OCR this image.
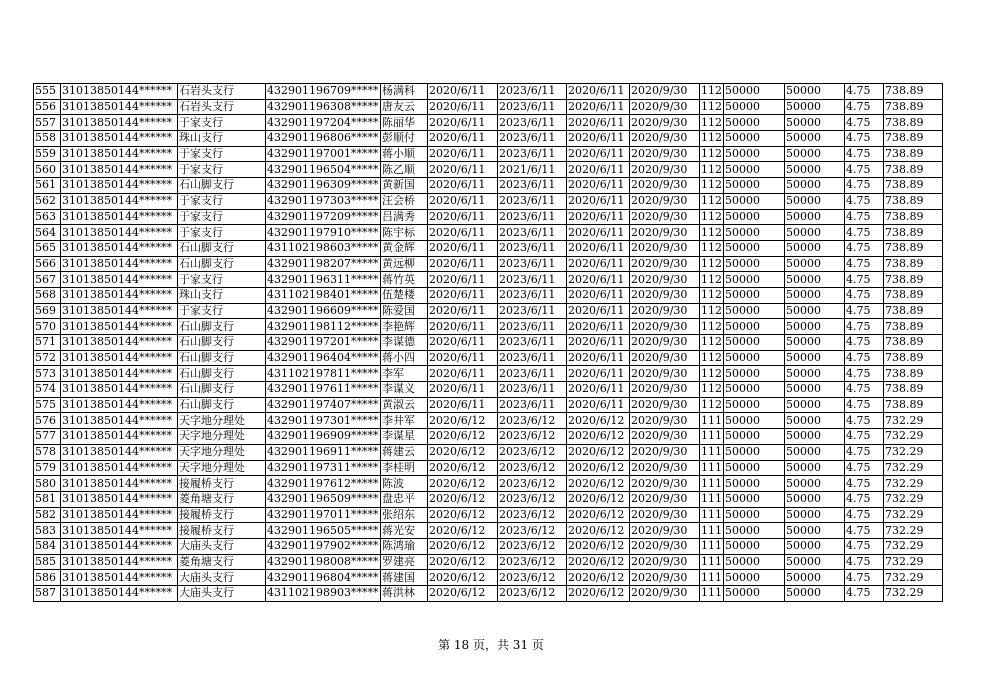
555	31013850144******	石岩头支行	432901196709*****	杨满科	2020/6/11	2023/6/11	2020/6/11	2020/9/30	112	50000	50000	4.75	738.89
556	31013850144******	石岩头支行	432901196308*****	唐友云	2020/6/11	2023/6/11	2020/6/11	2020/9/30	112	50000	50000	4.75	738.89
557	31013850144******	于家支行	432901197204*****	陈丽华	2020/6/11	2023/6/11	2020/6/11	2020/9/30	112	50000	50000	4.75	738.89
558	31013850144******	珠山支行	432901196806*****	彭顺付	2020/6/11	2023/6/11	2020/6/11	2020/9/30	112	50000	50000	4.75	738.89
559	31013850144******	于家支行	432901197001*****	蒋小顺	2020/6/11	2023/6/11	2020/6/11	2020/9/30	112	50000	50000	4.75	738.89
560	31013850144******	于家支行	432901196504*****	陈乙顺	2020/6/11	2021/6/11	2020/6/11	2020/9/30	112	50000	50000	4.75	738.89
561	31013850144******	石山脚支行	432901196309*****	黄新国	2020/6/11	2023/6/11	2020/6/11	2020/9/30	112	50000	50000	4.75	738.89
562	31013850144******	于家支行	432901197303*****	汪会桥	2020/6/11	2023/6/11	2020/6/11	2020/9/30	112	50000	50000	4.75	738.89
563	31013850144******	于家支行	432901197209*****	吕满秀	2020/6/11	2023/6/11	2020/6/11	2020/9/30	112	50000	50000	4.75	738.89
564	31013850144******	于家支行	432901197910*****	陈宇标	2020/6/11	2023/6/11	2020/6/11	2020/9/30	112	50000	50000	4.75	738.89
565	31013850144******	石山脚支行	431102198603*****	黄金辉	2020/6/11	2023/6/11	2020/6/11	2020/9/30	112	50000	50000	4.75	738.89
566	31013850144******	石山脚支行	432901198207*****	黄远柳	2020/6/11	2023/6/11	2020/6/11	2020/9/30	112	50000	50000	4.75	738.89
567	31013850144******	于家支行	432901196311*****	蒋竹英	2020/6/11	2023/6/11	2020/6/11	2020/9/30	112	50000	50000	4.75	738.89
568	31013850144******	珠山支行	431102198401*****	伍楚楼	2020/6/11	2023/6/11	2020/6/11	2020/9/30	112	50000	50000	4.75	738.89
569	31013850144******	于家支行	432901196609*****	陈爱国	2020/6/11	2023/6/11	2020/6/11	2020/9/30	112	50000	50000	4.75	738.89
570	31013850144******	石山脚支行	432901198112*****	李艳辉	2020/6/11	2023/6/11	2020/6/11	2020/9/30	112	50000	50000	4.75	738.89
571	31013850144******	石山脚支行	432901197201*****	李谋德	2020/6/11	2023/6/11	2020/6/11	2020/9/30	112	50000	50000	4.75	738.89
572	31013850144******	石山脚支行	432901196404*****	蒋小四	2020/6/11	2023/6/11	2020/6/11	2020/9/30	112	50000	50000	4.75	738.89
573	31013850144******	石山脚支行	431102197811*****	李军	2020/6/11	2023/6/11	2020/6/11	2020/9/30	112	50000	50000	4.75	738.89
574	31013850144******	石山脚支行	432901197611*****	李谋义	2020/6/11	2023/6/11	2020/6/11	2020/9/30	112	50000	50000	4.75	738.89
575	31013850144******	石山脚支行	432901197407*****	黄淑云	2020/6/11	2023/6/11	2020/6/11	2020/9/30	112	50000	50000	4.75	738.89
576	31013850144******	天字地分理处	432901197301*****	李井军	2020/6/12	2023/6/12	2020/6/12	2020/9/30	111	50000	50000	4.75	732.29
577	31013850144******	天字地分理处	432901196909*****	李谋星	2020/6/12	2023/6/12	2020/6/12	2020/9/30	111	50000	50000	4.75	732.29
578	31013850144******	天字地分理处	432901196911*****	蒋建云	2020/6/12	2023/6/12	2020/6/12	2020/9/30	111	50000	50000	4.75	732.29
579	31013850144******	天字地分理处	432901197311*****	李桂明	2020/6/12	2023/6/12	2020/6/12	2020/9/30	111	50000	50000	4.75	732.29
580	31013850144******	接履桥支行	432901197612*****	陈波	2020/6/12	2023/6/12	2020/6/12	2020/9/30	111	50000	50000	4.75	732.29
581	31013850144******	菱角塘支行	432901196509*****	盘忠平	2020/6/12	2023/6/12	2020/6/12	2020/9/30	111	50000	50000	4.75	732.29
582	31013850144******	接履桥支行	432901197011*****	张绍东	2020/6/12	2023/6/12	2020/6/12	2020/9/30	111	50000	50000	4.75	732.29
583	31013850144******	接履桥支行	432901196505*****	蒋光安	2020/6/12	2023/6/12	2020/6/12	2020/9/30	111	50000	50000	4.75	732.29
584	31013850144******	大庙头支行	432901197902*****	陈鸿瑜	2020/6/12	2023/6/12	2020/6/12	2020/9/30	111	50000	50000	4.75	732.29
585	31013850144******	菱角塘支行	432901198008*****	罗建亮	2020/6/12	2023/6/12	2020/6/12	2020/9/30	111	50000	50000	4.75	732.29
586	31013850144******	大庙头支行	432901196804*****	蒋建国	2020/6/12	2023/6/12	2020/6/12	2020/9/30	111	50000	50000	4.75	732.29
587	31013850144******	大庙头支行	431102198903*****	蒋洪林	2020/6/12	2023/6/12	2020/6/12	2020/9/30	111	50000	50000	4.75	732.29
第 18 页，共 31 页
